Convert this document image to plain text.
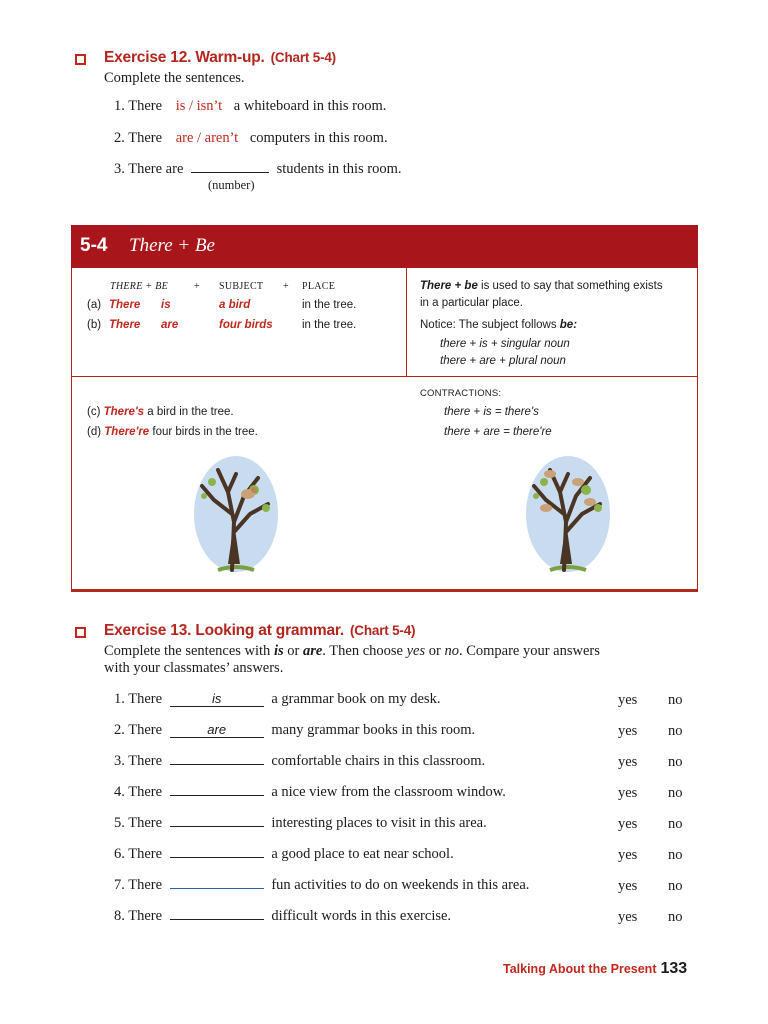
Exercise 12. Warm-up. (Chart 5-4)
Complete the sentences.
1. There is / isn’t a whiteboard in this room.
2. There are / aren’t computers in this room.
3. There are	students in this room.
(number)
5-4 There + Be
THERE + BE	+ SUBJECT + PLACE
(a) There is	a bird	in the tree.
(b) There are	four birds	in the tree.
There + be is used to say that something exists
in a particular place.
Notice: The subject follows be:
there + is + singular noun
there + are + plural noun
CONTRACTIONS:
there + is = there's
there + are = there're
(c) There's a bird in the tree.
(d) There're four birds in the tree.
Exercise 13. Looking at grammar. (Chart 5-4)
Complete the sentences with is or are. Then choose yes or no. Compare your answers
with your classmates’ answers.
1. There	is	a grammar book on my desk.	yes no
2. There	are	many grammar books in this room.	yes no
3. There	comfortable chairs in this classroom.	yes no
4. There	a nice view from the classroom window.	yes no
5. There	interesting places to visit in this area.	yes no
6. There	a good place to eat near school.	yes no
7. There	fun activities to do on weekends in this area.	yes no
8. There	difficult words in this exercise.	yes no
Talking About the Present 133
